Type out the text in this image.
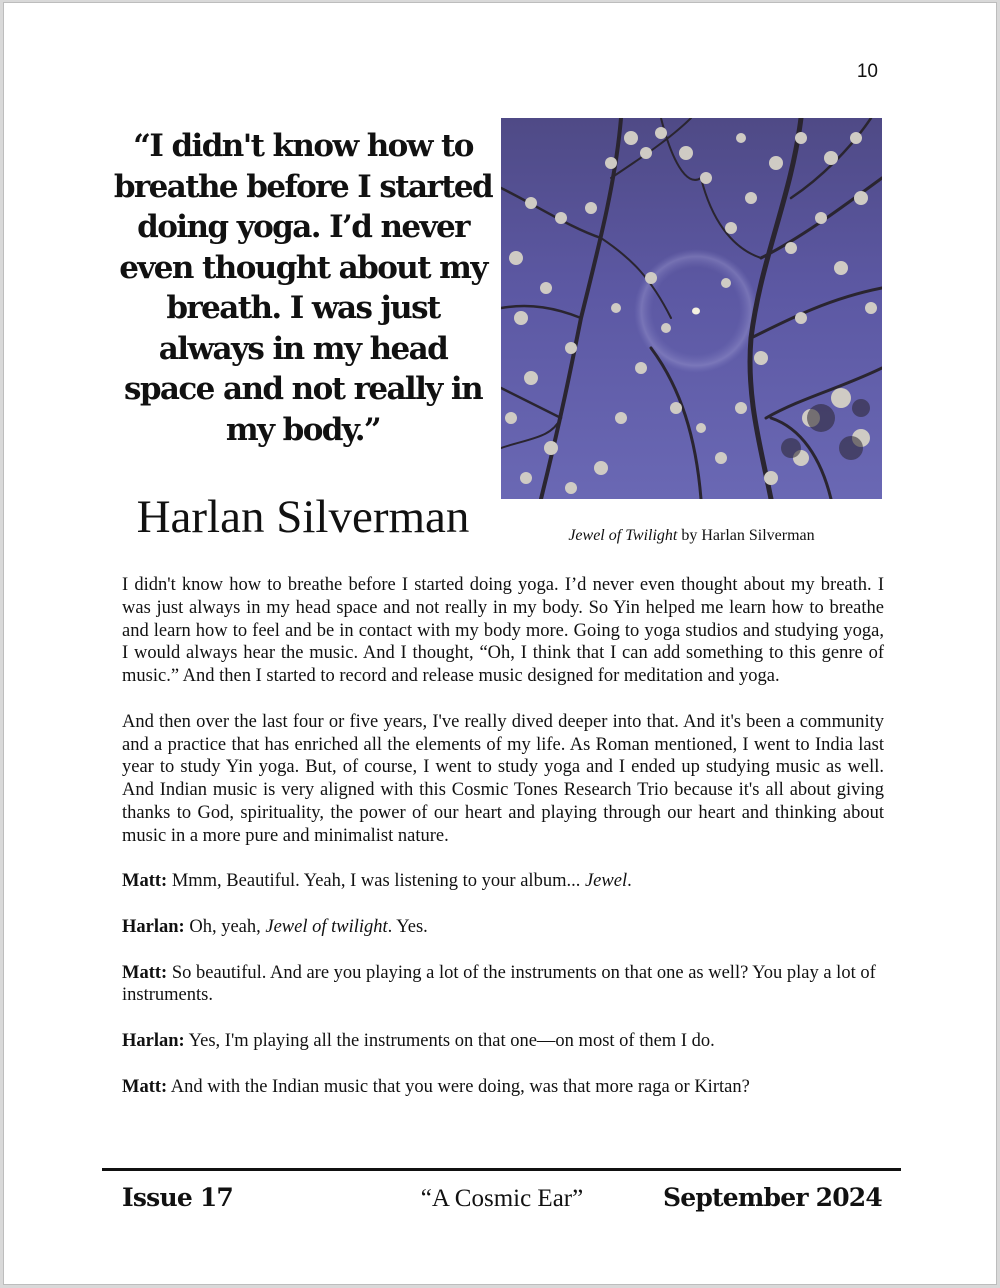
10

“I didn't know how to breathe before I started doing yoga. I’d never even thought about my breath. I was just always in my head space and not really in my body.”

Harlan Silverman	Jewel of Twilight by Harlan Silverman

I didn't know how to breathe before I started doing yoga. I’d never even thought about my breath. I was just always in my head space and not really in my body. So Yin helped me learn how to breathe and learn how to feel and be in contact with my body more. Going to yoga studios and studying yoga, I would always hear the music. And I thought, “Oh, I think that I can add something to this genre of music.” And then I started to record and release music designed for meditation and yoga.

And then over the last four or five years, I've really dived deeper into that. And it's been a community and a practice that has enriched all the elements of my life. As Roman mentioned, I went to India last year to study Yin yoga. But, of course, I went to study yoga and I ended up studying music as well. And Indian music is very aligned with this Cosmic Tones Research Trio because it's all about giving thanks to God, spirituality, the power of our heart and playing through our heart and thinking about music in a more pure and minimalist nature.

Matt: Mmm, Beautiful. Yeah, I was listening to your album... Jewel.

Harlan: Oh, yeah, Jewel of twilight. Yes.

Matt: So beautiful. And are you playing a lot of the instruments on that one as well? You play a lot of instruments.

Harlan: Yes, I'm playing all the instruments on that one—on most of them I do.

Matt: And with the Indian music that you were doing, was that more raga or Kirtan?

Issue 17	“A Cosmic Ear”	September 2024
